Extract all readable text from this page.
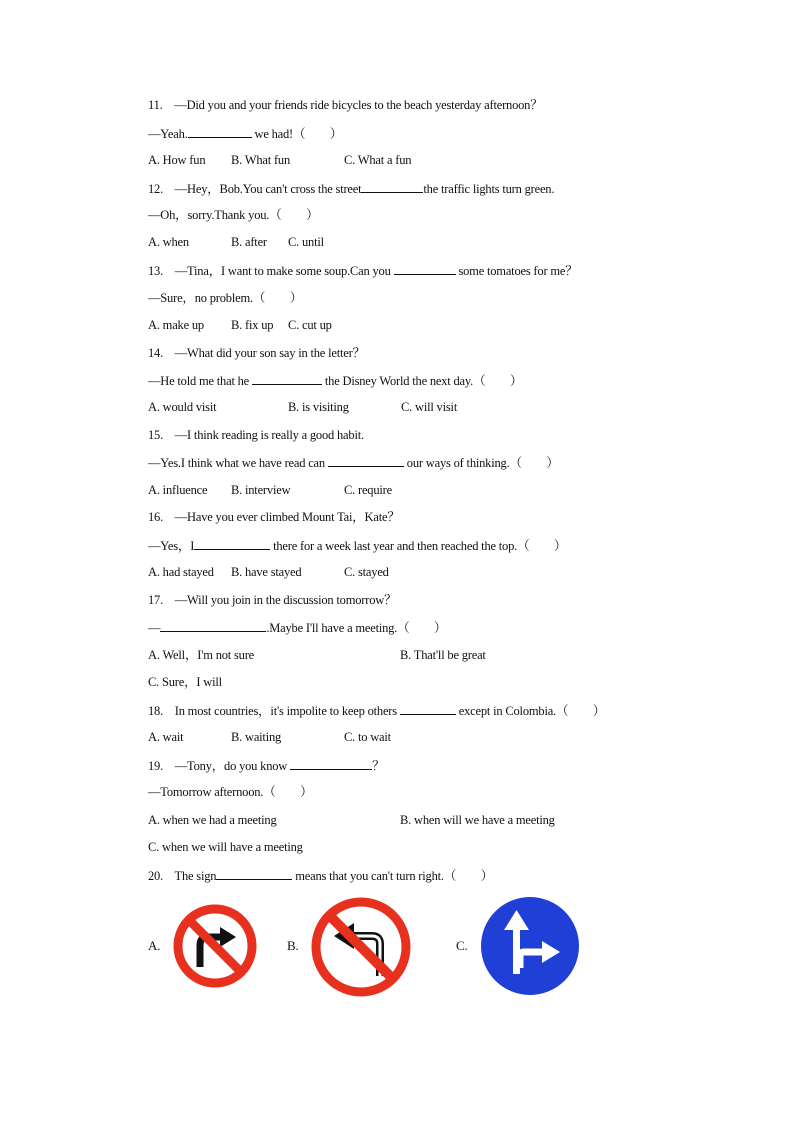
11. —Did you and your friends ride bicycles to the beach yesterday afternoon？
—Yeah.	we had!（　　）
A. How fun B. What fun	C. What a fun
12. —Hey，Bob.You can't cross the street	the traffic lights turn green.
—Oh，sorry.Thank you.（　　）
A. when	B. after C. until
13. —Tina，I want to make some soup.Can you	some tomatoes for me？
—Sure，no problem.（　　）
A. make up B. fix up C. cut up
14. —What did your son say in the letter？
—He told me that he	the Disney World the next day.（　　）
A. would visit	B. is visiting	C. will visit
15. —I think reading is really a good habit.
—Yes.I think what we have read can	our ways of thinking.（　　）
A. influence B. interview	C. require
16. —Have you ever climbed Mount Tai，Kate？
—Yes，I	there for a week last year and then reached the top.（　　）
A. had stayed B. have stayed	C. stayed
17. —Will you join in the discussion tomorrow？
—	.Maybe I'll have a meeting.（　　）
A. Well，I'm not sure	B. That'll be great
C. Sure，I will
18. In most countries，it's impolite to keep others	except in Colombia.（　　）
A. wait	B. waiting	C. to wait
19. —Tony，do you know	？
—Tomorrow afternoon.（　　）
A. when we had a meeting	B. when will we have a meeting
C. when we will have a meeting
20. The sign	means that you can't turn right.（　　）
A.	B.	C.
